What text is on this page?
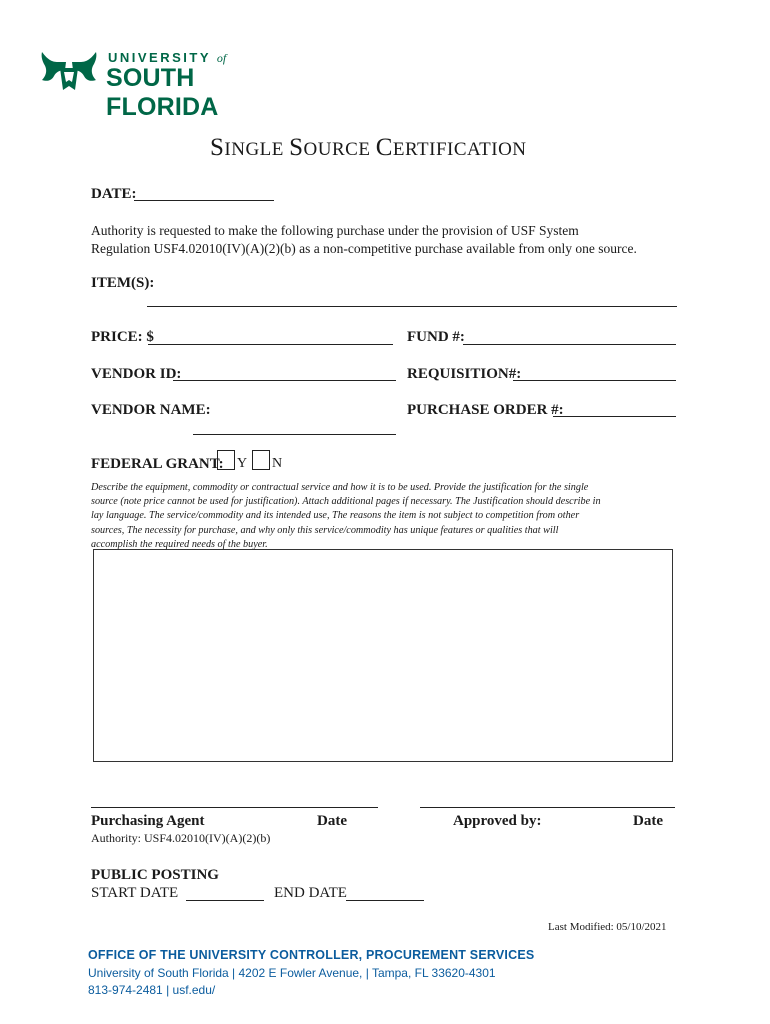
UNIVERSITY of
SOUTH FLORIDA
SINGLE SOURCE CERTIFICATION
DATE:
Authority is requested to make the following purchase under the provision of USF System
Regulation USF4.02010(IV)(A)(2)(b) as a non-competitive purchase available from only one source.
ITEM(S):
PRICE: $	FUND #:
VENDOR ID:	REQUISITION#:
VENDOR NAME:	PURCHASE ORDER #:
FEDERAL GRANT: Y N
Describe the equipment, commodity or contractual service and how it is to be used. Provide the justification for the single
source (note price cannot be used for justification). Attach additional pages if necessary. The Justification should describe in
lay language. The service/commodity and its intended use, The reasons the item is not subject to competition from other
sources, The necessity for purchase, and why only this service/commodity has unique features or qualities that will
accomplish the required needs of the buyer.
Purchasing Agent	Date	Approved by:	Date
Authority: USF4.02010(IV)(A)(2)(b)
PUBLIC POSTING
START DATE	END DATE
Last Modified: 05/10/2021
OFFICE OF THE UNIVERSITY CONTROLLER, PROCUREMENT SERVICES
University of South Florida | 4202 E Fowler Avenue, | Tampa, FL 33620-4301
813-974-2481 | usf.edu/
